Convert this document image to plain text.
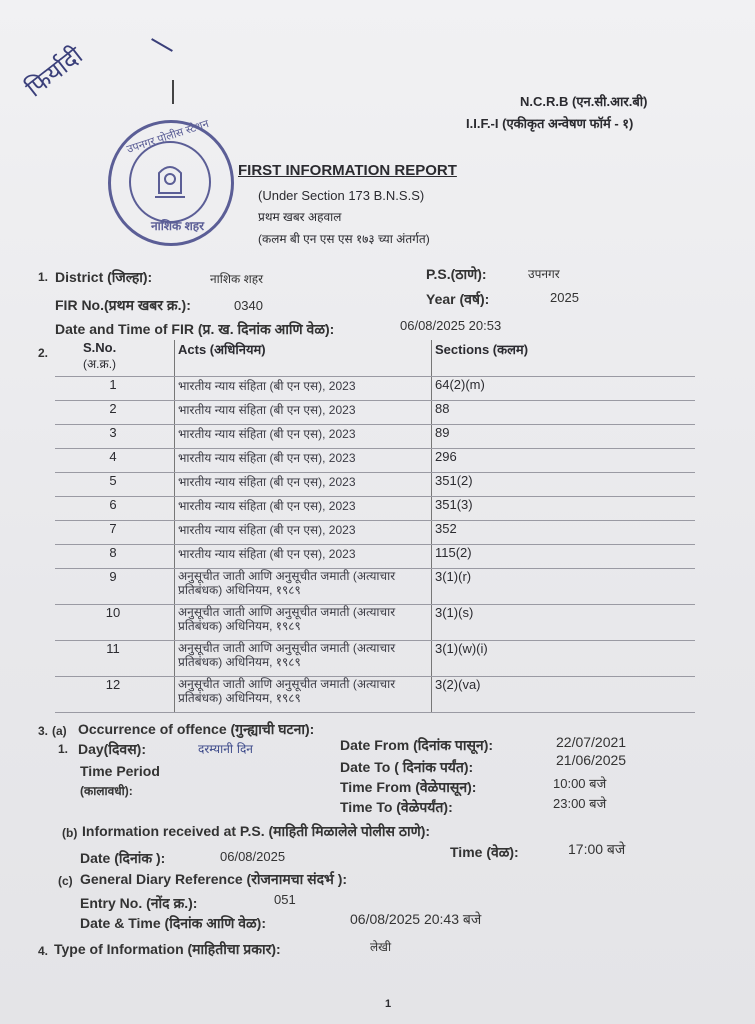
फिर्यादी	N.C.R.B (एन.सी.आर.बी)
I.I.F.-I (एकीकृत अन्वेषण फॉर्म - १)
उपनगर पोलीस स्टेशन
नाशिक शहर
FIRST INFORMATION REPORT
(Under Section 173 B.N.S.S)
प्रथम खबर अहवाल
(कलम बी एन एस एस १७३ च्या अंतर्गत)
1. District (जिल्हा):	नाशिक शहर	P.S.(ठाणे):	उपनगर
FIR No.(प्रथम खबर क्र.):	0340	Year (वर्ष):	2025
Date and Time of FIR (प्र. ख. दिनांक आणि वेळ):	06/08/2025 20:53
2.	S.No.
(अ.क्र.)	Acts (अधिनियम)	Sections (कलम)
1	भारतीय न्याय संहिता (बी एन एस), 2023	64(2)(m)
2	भारतीय न्याय संहिता (बी एन एस), 2023	88
3	भारतीय न्याय संहिता (बी एन एस), 2023	89
4	भारतीय न्याय संहिता (बी एन एस), 2023	296
5	भारतीय न्याय संहिता (बी एन एस), 2023	351(2)
6	भारतीय न्याय संहिता (बी एन एस), 2023	351(3)
7	भारतीय न्याय संहिता (बी एन एस), 2023	352
8	भारतीय न्याय संहिता (बी एन एस), 2023	115(2)
9	अनुसूचीत जाती आणि अनुसूचीत जमाती (अत्याचार प्रतिबंधक) अधिनियम, १९८९	3(1)(r)
10	अनुसूचीत जाती आणि अनुसूचीत जमाती (अत्याचार प्रतिबंधक) अधिनियम, १९८९	3(1)(s)
11	अनुसूचीत जाती आणि अनुसूचीत जमाती (अत्याचार प्रतिबंधक) अधिनियम, १९८९	3(1)(w)(i)
12	अनुसूचीत जाती आणि अनुसूचीत जमाती (अत्याचार प्रतिबंधक) अधिनियम, १९८९	3(2)(va)
3. (a) Occurrence of offence (गुन्ह्याची घटना):
1. Day(दिवस):	दरम्यानी दिन
Time Period
(कालावधी):
Date From (दिनांक पासून):	22/07/2021
Date To ( दिनांक पर्यंत):	21/06/2025
Time From (वेळेपासून):	10:00 बजे
Time To (वेळेपर्यंत):	23:00 बजे
(b) Information received at P.S. (माहिती मिळालेले पोलीस ठाणे):
Date (दिनांक ):	06/08/2025	Time (वेळ):	17:00 बजे
(c) General Diary Reference (रोजनामचा संदर्भ ):
Entry No. (नोंद क्र.):	051
Date & Time (दिनांक आणि वेळ):	06/08/2025 20:43 बजे
4. Type of Information (माहितीचा प्रकार):	लेखी
1
